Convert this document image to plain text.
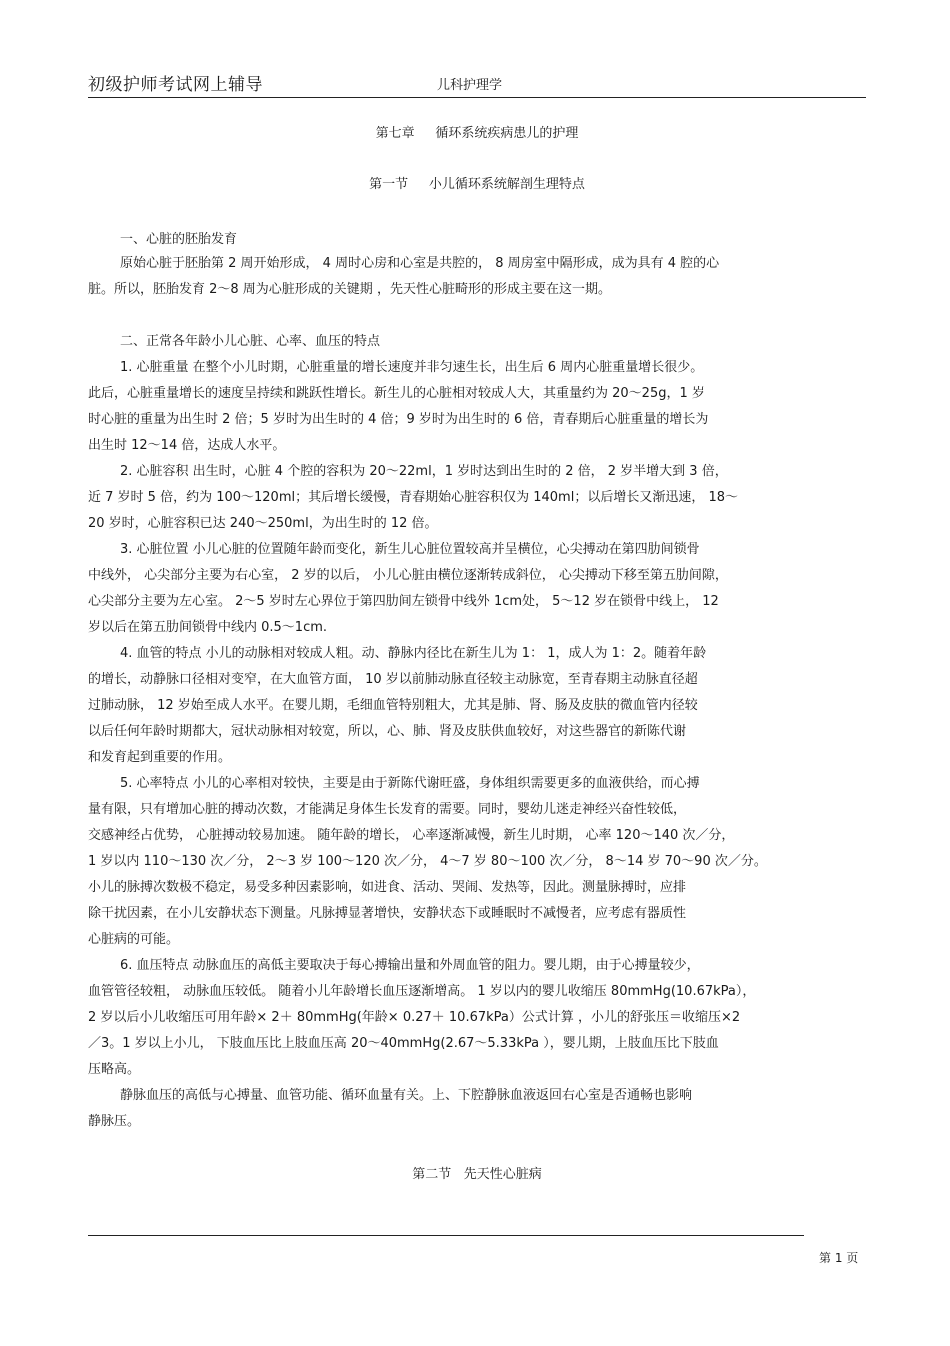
初级护师考试网上辅导	儿科护理学
第七章     循环系统疾病患儿的护理
第一节     小儿循环系统解剖生理特点
一、心脏的胚胎发育
原始心脏于胚胎第 2 周开始形成， 4 周时心房和心室是共腔的， 8 周房室中隔形成，成为具有 4 腔的心
脏。所以，胚胎发育 2～8 周为心脏形成的关键期 ，先天性心脏畸形的形成主要在这一期。
二、正常各年龄小儿心脏、心率、血压的特点
1. 心脏重量 在整个小儿时期，心脏重量的增长速度并非匀速生长，出生后 6 周内心脏重量增长很少。
此后，心脏重量增长的速度呈持续和跳跃性增长。新生儿的心脏相对较成人大，其重量约为 20～25g，1 岁
时心脏的重量为出生时 2 倍；5 岁时为出生时的 4 倍；9 岁时为出生时的 6 倍，青春期后心脏重量的增长为
出生时 12～14 倍，达成人水平。
2. 心脏容积 出生时，心脏 4 个腔的容积为 20～22ml，1 岁时达到出生时的 2 倍， 2 岁半增大到 3 倍，
近 7 岁时 5 倍，约为 100～120ml；其后增长缓慢，青春期始心脏容积仅为 140ml；以后增长又渐迅速， 18～
20 岁时，心脏容积已达 240～250ml，为出生时的 12 倍。
3. 心脏位置 小儿心脏的位置随年龄而变化，新生儿心脏位置较高并呈横位，心尖搏动在第四肋间锁骨
中线外， 心尖部分主要为右心室， 2 岁的以后， 小儿心脏由横位逐渐转成斜位， 心尖搏动下移至第五肋间隙，
心尖部分主要为左心室。 2～5 岁时左心界位于第四肋间左锁骨中线外 1cm处， 5～12 岁在锁骨中线上， 12
岁以后在第五肋间锁骨中线内 0.5～1cm.
4. 血管的特点 小儿的动脉相对较成人粗。动、静脉内径比在新生儿为 1： 1，成人为 1：2。随着年龄
的增长，动静脉口径相对变窄，在大血管方面， 10 岁以前肺动脉直径较主动脉宽，至青春期主动脉直径超
过肺动脉， 12 岁始至成人水平。在婴儿期，毛细血管特别粗大，尤其是肺、肾、肠及皮肤的微血管内径较
以后任何年龄时期都大，冠状动脉相对较宽，所以，心、肺、肾及皮肤供血较好，对这些器官的新陈代谢
和发育起到重要的作用。
5. 心率特点 小儿的心率相对较快，主要是由于新陈代谢旺盛，身体组织需要更多的血液供给，而心搏
量有限，只有增加心脏的搏动次数，才能满足身体生长发育的需要。同时，婴幼儿迷走神经兴奋性较低，
交感神经占优势， 心脏搏动较易加速。 随年龄的增长， 心率逐渐减慢，新生儿时期， 心率 120～140 次／分，
1 岁以内 110～130 次／分， 2～3 岁 100～120 次／分， 4～7 岁 80～100 次／分， 8～14 岁 70～90 次／分。
小儿的脉搏次数极不稳定，易受多种因素影响，如进食、活动、哭闹、发热等，因此。测量脉搏时，应排
除干扰因素，在小儿安静状态下测量。凡脉搏显著增快，安静状态下或睡眠时不减慢者，应考虑有器质性
心脏病的可能。
6. 血压特点 动脉血压的高低主要取决于每心搏输出量和外周血管的阻力。婴儿期，由于心搏量较少，
血管管径较粗， 动脉血压较低。 随着小儿年龄增长血压逐渐增高。 1 岁以内的婴儿收缩压 80mmHg(10.67kPa），
2 岁以后小儿收缩压可用年龄× 2＋ 80mmHg(年龄× 0.27＋ 10.67kPa）公式计算 ，小儿的舒张压＝收缩压×2
／3。1 岁以上小儿， 下肢血压比上肢血压高 20～40mmHg(2.67～5.33kPa ），婴儿期，上肢血压比下肢血
压略高。
静脉血压的高低与心搏量、血管功能、循环血量有关。上、下腔静脉血液返回右心室是否通畅也影响
静脉压。
第二节   先天性心脏病
第 1 页
